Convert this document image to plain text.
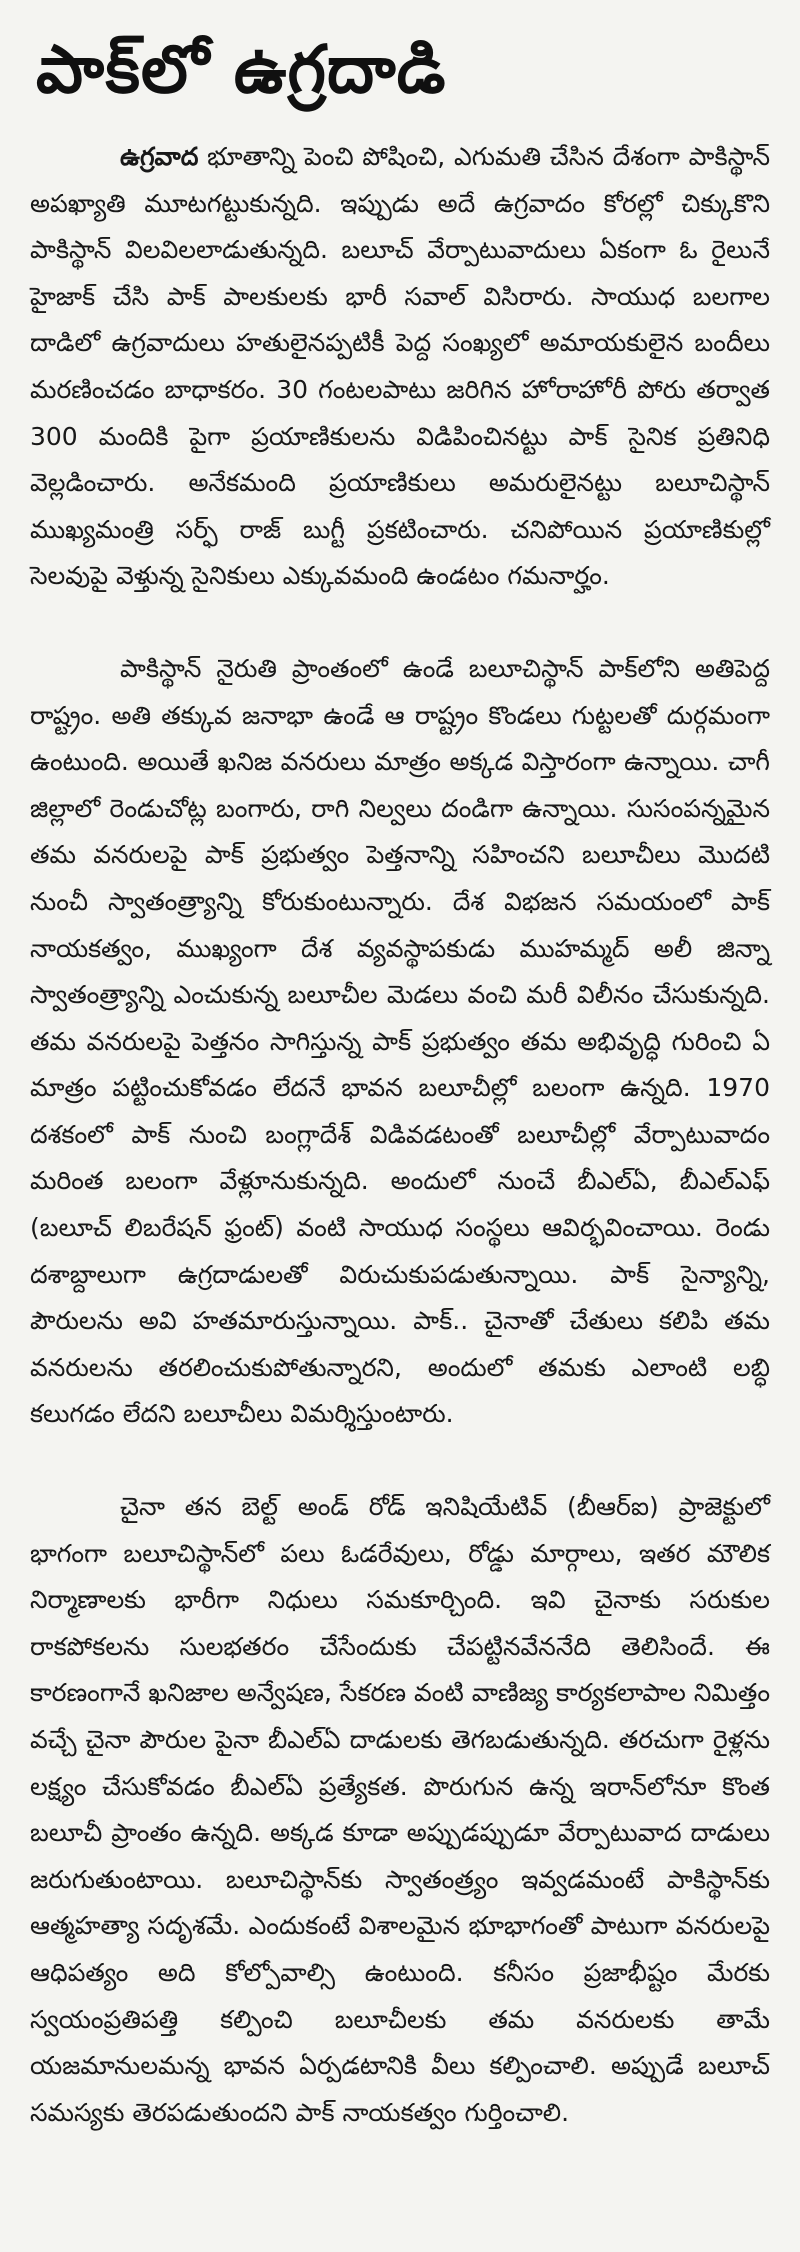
పాక్‌లో ఉగ్రదాడి

ఉగ్రవాద భూతాన్ని పెంచి పోషించి, ఎగుమతి చేసిన దేశంగా పాకిస్థాన్ అపఖ్యాతి మూటగట్టుకున్నది. ఇప్పుడు అదే ఉగ్రవాదం కోరల్లో చిక్కుకొని పాకిస్థాన్ విలవిలలాడుతున్నది. బలూచ్ వేర్పాటువాదులు ఏకంగా ఓ రైలునే హైజాక్ చేసి పాక్ పాలకులకు భారీ సవాల్ విసిరారు. సాయుధ బలగాల దాడిలో ఉగ్రవాదులు హతులైనప్పటికీ పెద్ద సంఖ్యలో అమాయకులైన బందీలు మరణించడం బాధాకరం. 30 గంటలపాటు జరిగిన హోరాహోరీ పోరు తర్వాత 300 మందికి పైగా ప్రయాణికులను విడిపించినట్టు పాక్ సైనిక ప్రతినిధి వెల్లడించారు. అనేకమంది ప్రయాణికులు అమరులైనట్టు బలూచిస్థాన్ ముఖ్యమంత్రి సర్ఫ్ రాజ్ బుగ్టీ ప్రకటించారు. చనిపోయిన ప్రయాణికుల్లో సెలవుపై వెళ్తున్న సైనికులు ఎక్కువమంది ఉండటం గమనార్హం.

పాకిస్థాన్ నైరుతి ప్రాంతంలో ఉండే బలూచిస్థాన్ పాక్‌లోని అతిపెద్ద రాష్ట్రం. అతి తక్కువ జనాభా ఉండే ఆ రాష్ట్రం కొండలు గుట్టలతో దుర్గమంగా ఉంటుంది. అయితే ఖనిజ వనరులు మాత్రం అక్కడ విస్తారంగా ఉన్నాయి. చాగీ జిల్లాలో రెండుచోట్ల బంగారు, రాగి నిల్వలు దండిగా ఉన్నాయి. సుసంపన్నమైన తమ వనరులపై పాక్ ప్రభుత్వం పెత్తనాన్ని సహించని బలూచీలు మొదటి నుంచీ స్వాతంత్ర్యాన్ని కోరుకుంటున్నారు. దేశ విభజన సమయంలో పాక్ నాయకత్వం, ముఖ్యంగా దేశ వ్యవస్థాపకుడు ముహమ్మద్ అలీ జిన్నా స్వాతంత్ర్యాన్ని ఎంచుకున్న బలూచీల మెడలు వంచి మరీ విలీనం చేసుకున్నది. తమ వనరులపై పెత్తనం సాగిస్తున్న పాక్ ప్రభుత్వం తమ అభివృద్ధి గురించి ఏ మాత్రం పట్టించుకోవడం లేదనే భావన బలూచీల్లో బలంగా ఉన్నది. 1970 దశకంలో పాక్ నుంచి బంగ్లాదేశ్ విడివడటంతో బలూచీల్లో వేర్పాటువాదం మరింత బలంగా వేళ్లూనుకున్నది. అందులో నుంచే బీఎల్ఏ, బీఎల్ఎఫ్ (బలూచ్ లిబరేషన్ ఫ్రంట్) వంటి సాయుధ సంస్థలు ఆవిర్భవించాయి. రెండు దశాబ్దాలుగా ఉగ్రదాడులతో విరుచుకుపడుతున్నాయి. పాక్ సైన్యాన్ని, పౌరులను అవి హతమారుస్తున్నాయి. పాక్.. చైనాతో చేతులు కలిపి తమ వనరులను తరలించుకుపోతున్నారని, అందులో తమకు ఎలాంటి లబ్ధి కలుగడం లేదని బలూచీలు విమర్శిస్తుంటారు.

చైనా తన బెల్ట్ అండ్ రోడ్ ఇనిషియేటివ్ (బీఆర్ఐ) ప్రాజెక్టులో భాగంగా బలూచిస్థాన్‌లో పలు ఓడరేవులు, రోడ్డు మార్గాలు, ఇతర మౌలిక నిర్మాణాలకు భారీగా నిధులు సమకూర్చింది. ఇవి చైనాకు సరుకుల రాకపోకలను సులభతరం చేసేందుకు చేపట్టినవేననేది తెలిసిందే. ఈ కారణంగానే ఖనిజాల అన్వేషణ, సేకరణ వంటి వాణిజ్య కార్యకలాపాల నిమిత్తం వచ్చే చైనా పౌరుల పైనా బీఎల్ఏ దాడులకు తెగబడుతున్నది. తరచుగా రైళ్లను లక్ష్యం చేసుకోవడం బీఎల్ఏ ప్రత్యేకత. పొరుగున ఉన్న ఇరాన్‌లోనూ కొంత బలూచీ ప్రాంతం ఉన్నది. అక్కడ కూడా అప్పుడప్పుడూ వేర్పాటువాద దాడులు జరుగుతుంటాయి. బలూచిస్థాన్‌కు స్వాతంత్ర్యం ఇవ్వడమంటే పాకిస్థాన్‌కు ఆత్మహత్యా సదృశమే. ఎందుకంటే విశాలమైన భూభాగంతో పాటుగా వనరులపై ఆధిపత్యం అది కోల్పోవాల్సి ఉంటుంది. కనీసం ప్రజాభీష్టం మేరకు స్వయంప్రతిపత్తి కల్పించి బలూచీలకు తమ వనరులకు తామే యజమానులమన్న భావన ఏర్పడటానికి వీలు కల్పించాలి. అప్పుడే బలూచ్ సమస్యకు తెరపడుతుందని పాక్ నాయకత్వం గుర్తించాలి.
